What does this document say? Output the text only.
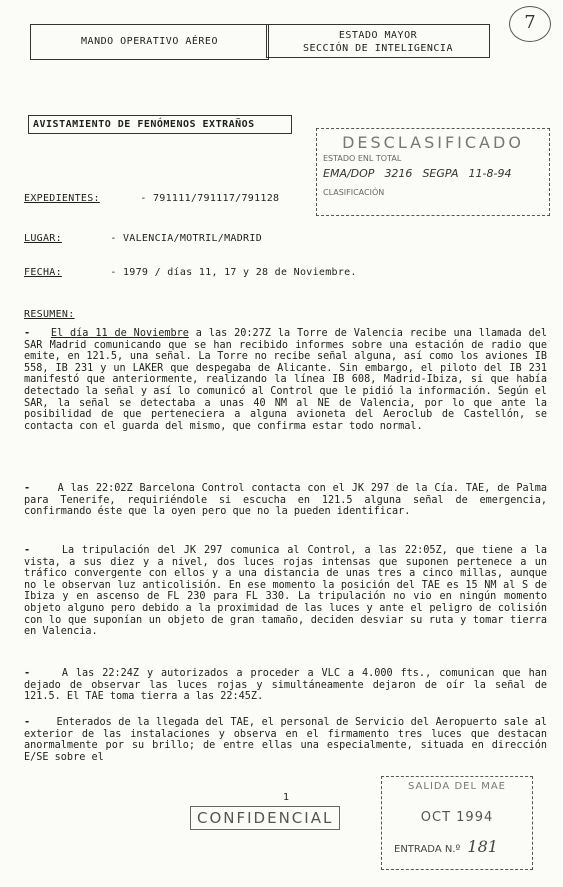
MANDO OPERATIVO AÉREO
ESTADO MAYOR
SECCIÓN DE INTELIGENCIA
7
AVISTAMIENTO DE FENÓMENOS EXTRAÑOS
DESCLASIFICADO
ESTADO ENL TOTAL
EMA/DOP 3216 SEGPA 11-8-94
CLASIFICACIÓN
EXPEDIENTES:	- 791111/791117/791128
LUGAR:	- VALENCIA/MOTRIL/MADRID
FECHA:	- 1979 / días 11, 17 y 28 de Noviembre.
RESUMEN:
- El día 11 de Noviembre a las 20:27Z la Torre de Valencia recibe una llamada del SAR Madrid comunicando que se han recibido informes sobre una estación de radio que emite, en 121.5, una señal. La Torre no recibe señal alguna, así como los aviones IB 558, IB 231 y un LAKER que despegaba de Alicante. Sin embargo, el piloto del IB 231 manifestó que anteriormente, realizando la línea IB 608, Madrid-Ibiza, si que había detectado la señal y así lo comunicó al Control que le pidió la información. Según el SAR, la señal se detectaba a unas 40 NM al NE de Valencia, por lo que ante la posibilidad de que perteneciera a alguna avioneta del Aeroclub de Castellón, se contacta con el guarda del mismo, que confirma estar todo normal.
-	A las 22:02Z Barcelona Control contacta con el JK 297 de la Cía. TAE, de Palma para Tenerife, requiriéndole si escucha en 121.5 alguna señal de emergencia, confirmando éste que la oyen pero que no la pueden identificar.
-	La tripulación del JK 297 comunica al Control, a las 22:05Z, que tiene a la vista, a sus diez y a nivel, dos luces rojas intensas que suponen pertenece a un tráfico convergente con ellos y a una distancia de unas tres a cinco millas, aunque no le observan luz anticolisión. En ese momento la posición del TAE es 15 NM al S de Ibiza y en ascenso de FL 230 para FL 330. La tripulación no vio en ningún momento objeto alguno pero debido a la proximidad de las luces y ante el peligro de colisión con lo que suponían un objeto de gran tamaño, deciden desviar su ruta y tomar tierra en Valencia.
-	A las 22:24Z y autorizados a proceder a VLC a 4.000 fts., comunican que han dejado de observar las luces rojas y simultáneamente dejaron de oír la señal de 121.5. El TAE toma tierra a las 22:45Z.
-	Enterados de la llegada del TAE, el personal de Servicio del Aeropuerto sale al exterior de las instalaciones y observa en el firmamento tres luces que destacan anormalmente por su brillo; de entre ellas una especialmente, situada en dirección E/SE sobre el
1
CONFIDENCIAL
SALIDA DEL MAE
OCT 1994
ENTRADA N.º 181
